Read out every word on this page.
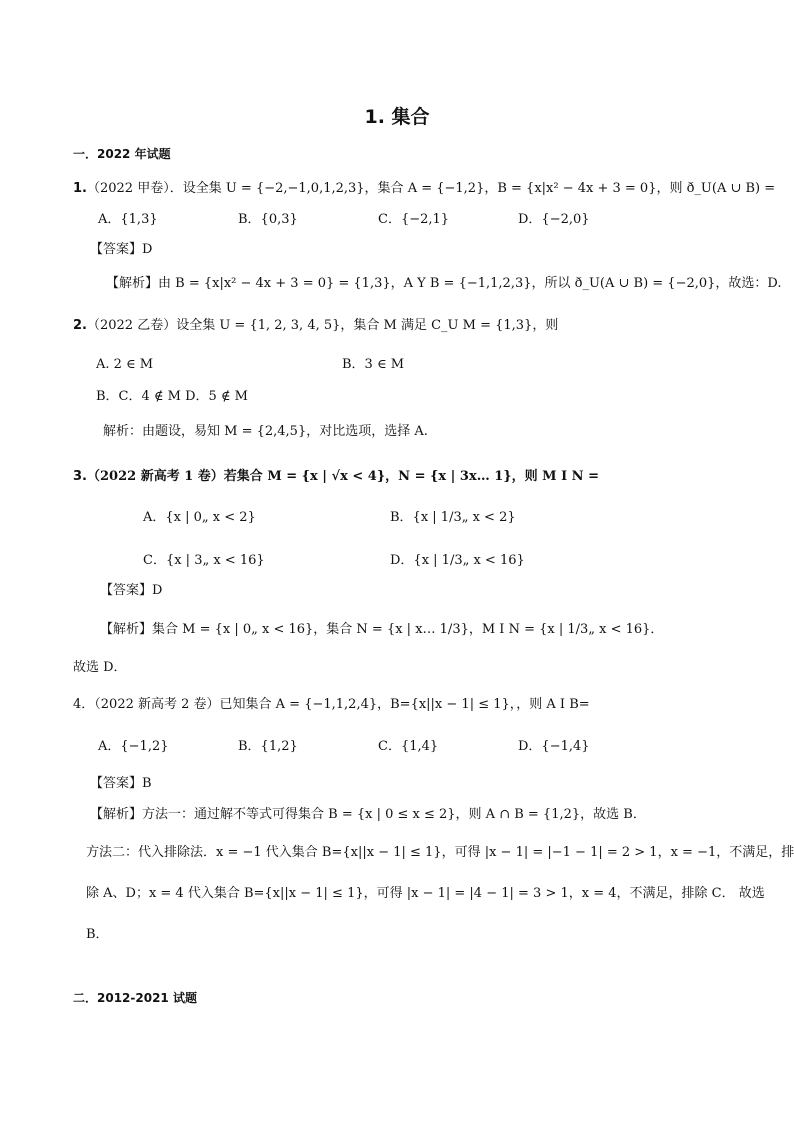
1. 集合
一．2022 年试题
1.（2022 甲卷）．设全集 U = {−2,−1,0,1,2,3}，集合 A = {−1,2}，B = {x|x² − 4x + 3 = 0}，则 ð_U(A ∪ B) =
A．{1,3}	B．{0,3}	C．{−2,1}	D．{−2,0}
【答案】D
【解析】由 B = {x|x² − 4x + 3 = 0} = {1,3}，A Y B = {−1,1,2,3}，所以 ð_U(A ∪ B) = {−2,0}，故选：D.
2.（2022 乙卷）设全集 U = {1, 2, 3, 4, 5}，集合 M 满足 C_U M = {1,3}，则
A. 2 ∈ M	B．3 ∈ M
B．C．4 ∉ M D．5 ∉ M
解析：由题设，易知 M = {2,4,5}，对比选项，选择 A.
3.（2022 新高考 1 卷）若集合 M = {x | √x < 4}，N = {x | 3x… 1}，则 M I N =
A．{x | 0„ x < 2}	B．{x | 1/3„ x < 2}
C．{x | 3„ x < 16}	D．{x | 1/3„ x < 16}
【答案】D
【解析】集合 M = {x | 0„ x < 16}，集合 N = {x | x… 1/3}，M I N = {x | 1/3„ x < 16}．
故选 D．
4．（2022 新高考 2 卷）已知集合 A = {−1,1,2,4}，B={x||x − 1| ≤ 1}，，则 A I B=
A．{−1,2}	B．{1,2}	C．{1,4}	D．{−1,4}
【答案】B
【解析】方法一：通过解不等式可得集合 B = {x | 0 ≤ x ≤ 2}，则 A ∩ B = {1,2}，故选 B．
方法二：代入排除法．x = −1 代入集合 B={x||x − 1| ≤ 1}，可得 |x − 1| = |−1 − 1| = 2 > 1，x = −1，不满足，排
除 A、D；x = 4 代入集合 B={x||x − 1| ≤ 1}，可得 |x − 1| = |4 − 1| = 3 > 1，x = 4，不满足，排除 C． 故选
B．
二．2012-2021 试题
